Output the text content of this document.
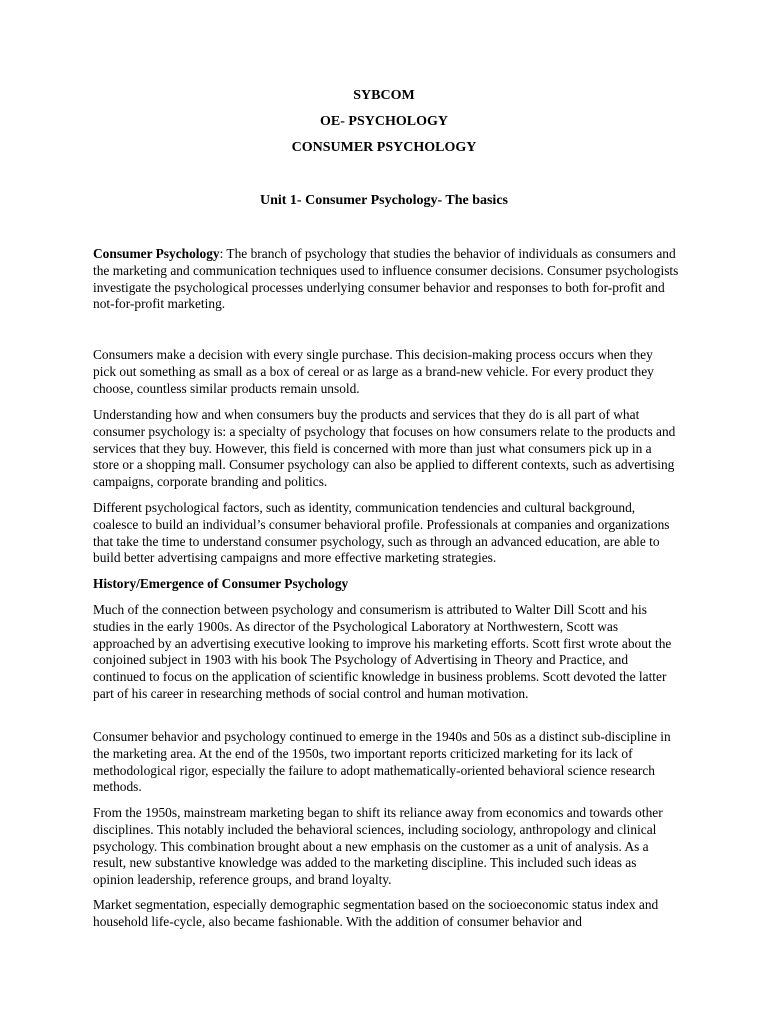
SYBCOM

OE- PSYCHOLOGY

CONSUMER PSYCHOLOGY

Unit 1- Consumer Psychology- The basics

Consumer Psychology: The branch of psychology that studies the behavior of individuals as consumers and the marketing and communication techniques used to influence consumer decisions. Consumer psychologists investigate the psychological processes underlying consumer behavior and responses to both for-profit and not-for-profit marketing.

Consumers make a decision with every single purchase. This decision-making process occurs when they pick out something as small as a box of cereal or as large as a brand-new vehicle. For every product they choose, countless similar products remain unsold.

Understanding how and when consumers buy the products and services that they do is all part of what consumer psychology is: a specialty of psychology that focuses on how consumers relate to the products and services that they buy. However, this field is concerned with more than just what consumers pick up in a store or a shopping mall. Consumer psychology can also be applied to different contexts, such as advertising campaigns, corporate branding and politics.

Different psychological factors, such as identity, communication tendencies and cultural background, coalesce to build an individual’s consumer behavioral profile. Professionals at companies and organizations that take the time to understand consumer psychology, such as through an advanced education, are able to build better advertising campaigns and more effective marketing strategies.

History/Emergence of Consumer Psychology

Much of the connection between psychology and consumerism is attributed to Walter Dill Scott and his studies in the early 1900s. As director of the Psychological Laboratory at Northwestern, Scott was approached by an advertising executive looking to improve his marketing efforts. Scott first wrote about the conjoined subject in 1903 with his book The Psychology of Advertising in Theory and Practice, and continued to focus on the application of scientific knowledge in business problems. Scott devoted the latter part of his career in researching methods of social control and human motivation.

Consumer behavior and psychology continued to emerge in the 1940s and 50s as a distinct sub-discipline in the marketing area. At the end of the 1950s, two important reports criticized marketing for its lack of methodological rigor, especially the failure to adopt mathematically-oriented behavioral science research methods.

From the 1950s, mainstream marketing began to shift its reliance away from economics and towards other disciplines. This notably included the behavioral sciences, including sociology, anthropology and clinical psychology. This combination brought about a new emphasis on the customer as a unit of analysis. As a result, new substantive knowledge was added to the marketing discipline. This included such ideas as opinion leadership, reference groups, and brand loyalty.

Market segmentation, especially demographic segmentation based on the socioeconomic status index and household life-cycle, also became fashionable. With the addition of consumer behavior and
